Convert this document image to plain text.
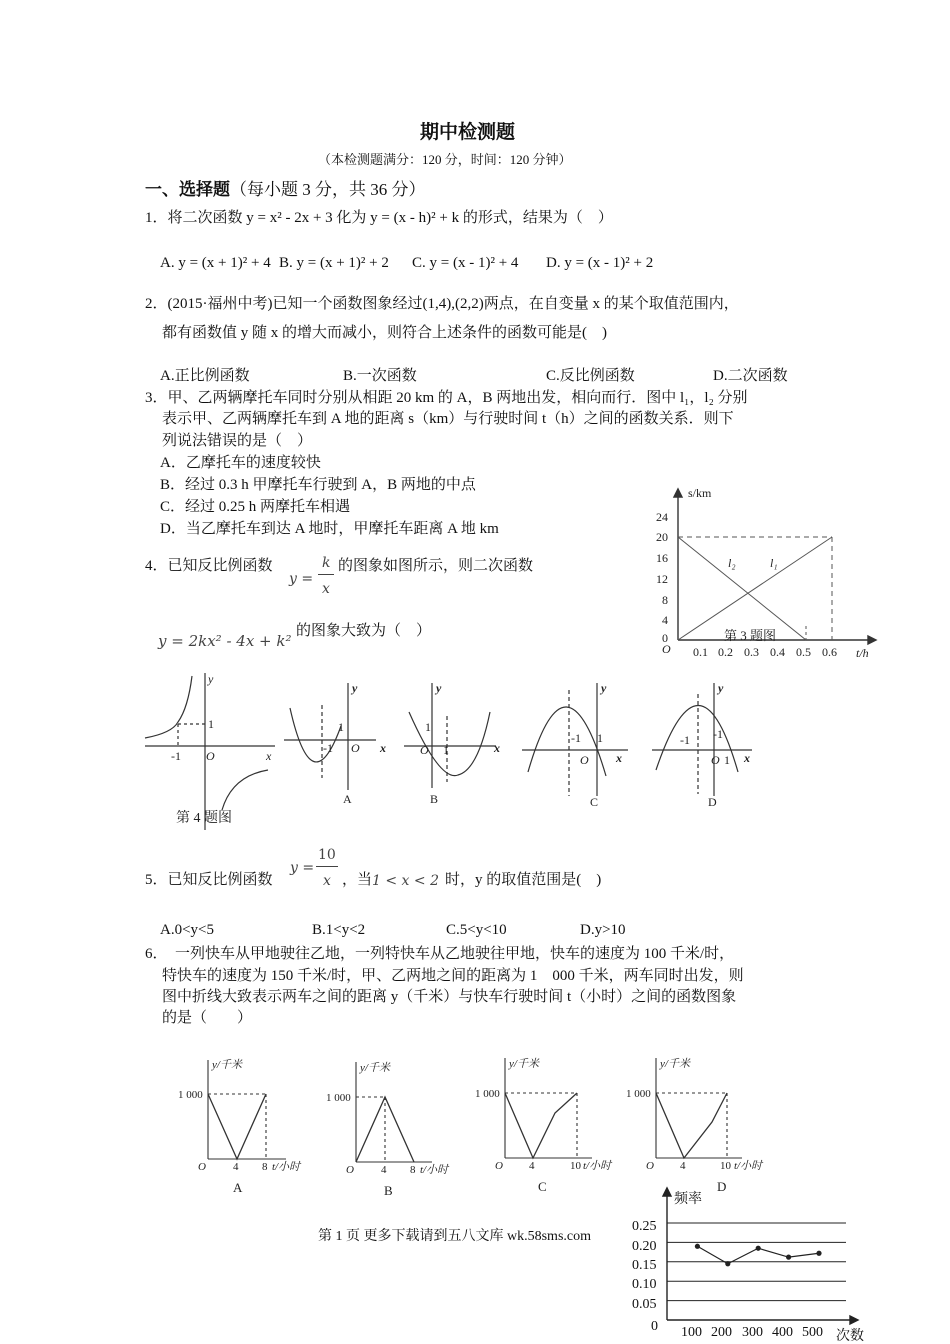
期中检测题
（本检测题满分：120 分，时间：120 分钟）
一、选择题（每小题 3 分，共 36 分）
1．将二次函数 y = x² - 2x + 3 化为 y = (x - h)² + k 的形式，结果为（　）
A. y = (x + 1)² + 4 B. y = (x + 1)² + 2 C. y = (x - 1)² + 4 D. y = (x - 1)² + 2
2．(2015·福州中考)已知一个函数图象经过(1,4),(2,2)两点，在自变量 x 的某个取值范围内，
都有函数值 y 随 x 的增大而减小，则符合上述条件的函数可能是(　)
A.正比例函数	B.一次函数	C.反比例函数	D.二次函数
3．甲、乙两辆摩托车同时分别从相距 20 km 的 A，B 两地出发，相向而行．图中 l₁，l₂ 分别
表示甲、乙两辆摩托车到 A 地的距离 s（km）与行驶时间 t（h）之间的函数关系．则下
列说法错误的是（　）
A．乙摩托车的速度较快
B．经过 0.3 h 甲摩托车行驶到 A，B 两地的中点
C．经过 0.25 h 两摩托车相遇
D．当乙摩托车到达 A 地时，甲摩托车距离 A 地 km
s/km
t/h
O
24
20
16
12
8
4
0
0.1 0.2 0.3 0.4 0.5 0.6
l₂	l₁
第 3 题图
4．已知反比例函数
y =
k
x
的图象如图所示，则二次函数
y = 2kx² - 4x + k²
的图象大致为（　）
y
x
O
1
-1
第 4 题图
y
x
O
1
-1
A
y
x
O
1
1
B
y
x
O
-1 1
C
y
x
O 1
-1 -1
D
5．已知反比例函数
y =
10
x ，当 1 < x < 2 时，y 的取值范围是(　)
A.0<y<5	B.1<y<2	C.5<y<10	D.y>10
6．　一列快车从甲地驶往乙地，一列特快车从乙地驶往甲地，快车的速度为 100 千米/时，
特快车的速度为 150 千米/时，甲、乙两地之间的距离为 1　000 千米，两车同时出发，则
图中折线大致表示两车之间的距离 y（千米）与快车行驶时间 t（小时）之间的函数图象
的是（　　）
y/千米
1 000
O 4 8 t/小时
A
y/千米
1 000
O 4 8 t/小时
B
y/千米
1 000
O 4	10 t/小时
C
y/千米
1 000
O 4	10 t/小时
D
第 1 页 更多下载请到五八文库 wk.58sms.com
频率
次数
0.25
0.20
0.15
0.10
0.05
0 100 200 300 400 500
